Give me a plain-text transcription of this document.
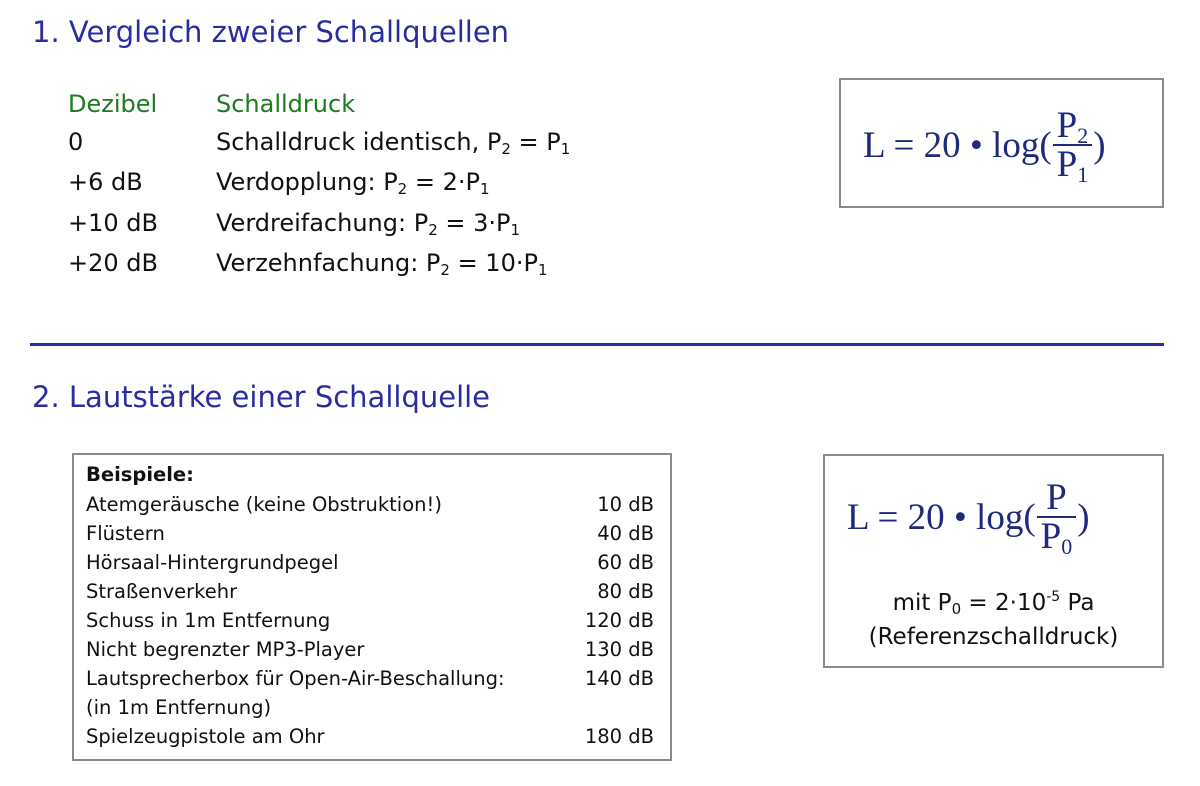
1. Vergleich zweier Schallquellen
Dezibel	Schalldruck
0	Schalldruck identisch, $P_2 = P_1$
+6 dB	Verdopplung: $P_2 = 2\cdot P_1$
+10 dB	Verdreifachung: $P_2 = 3\cdot P_1$
+20 dB	Verzehnfachung: $P_2 = 10\cdot P_1$
L = 20 • $\log( \frac{P2}{P1}$ )
2. Lautstärke einer Schallquelle
Beispiele:
Atemgeräusche (keine Obstruktion!)	10 dB
Flüstern	40 dB
Hörsaal-Hintergrundpegel	60 dB
Straßenverkehr	80 dB
Schuss in 1m Entfernung	120 dB
Nicht begrenzter MP3-Player	130 dB
Lautsprecherbox für Open-Air-Beschallung:	140 dB
(in 1m Entfernung)
Spielzeugpistole am Ohr	180 dB
L = 20 • $\log( \frac{P}{P0}$ )
mit $P_0 = 2\cdot 10^{-5}$ Pa
(Referenzschalldruck)
